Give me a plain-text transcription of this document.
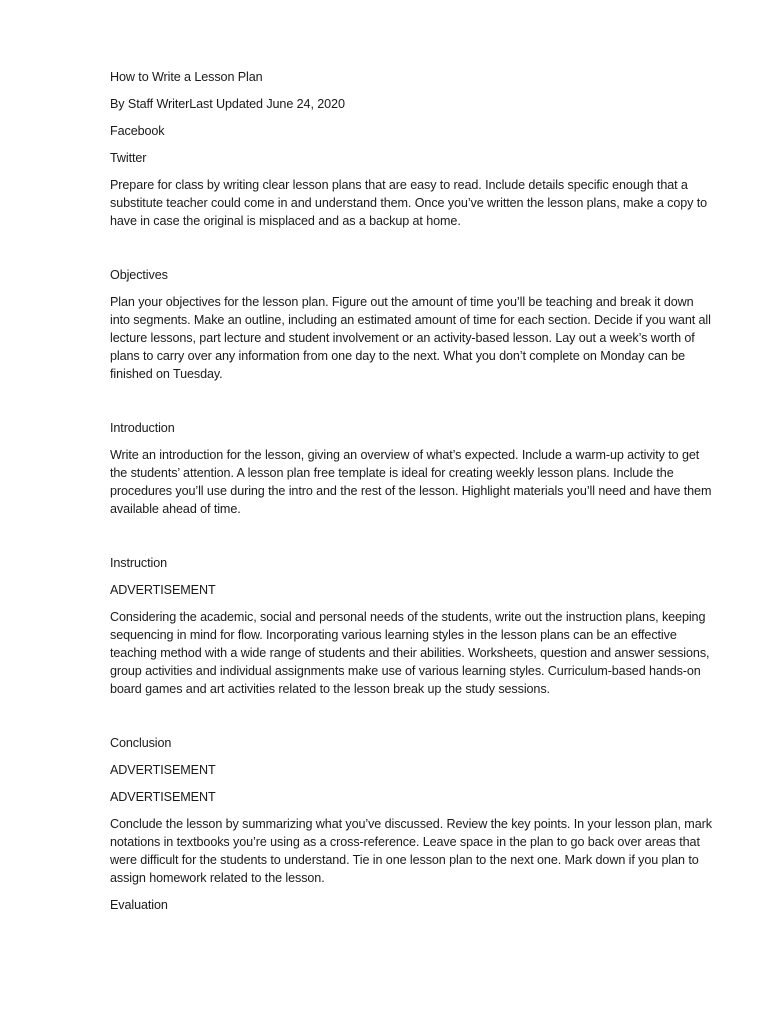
How to Write a Lesson Plan
By Staff WriterLast Updated June 24, 2020
Facebook
Twitter
Prepare for class by writing clear lesson plans that are easy to read. Include details specific enough that a substitute teacher could come in and understand them. Once you’ve written the lesson plans, make a copy to have in case the original is misplaced and as a backup at home.
Objectives
Plan your objectives for the lesson plan. Figure out the amount of time you’ll be teaching and break it down into segments. Make an outline, including an estimated amount of time for each section. Decide if you want all lecture lessons, part lecture and student involvement or an activity-based lesson. Lay out a week’s worth of plans to carry over any information from one day to the next. What you don’t complete on Monday can be finished on Tuesday.
Introduction
Write an introduction for the lesson, giving an overview of what’s expected. Include a warm-up activity to get the students’ attention. A lesson plan free template is ideal for creating weekly lesson plans. Include the procedures you’ll use during the intro and the rest of the lesson. Highlight materials you’ll need and have them available ahead of time.
Instruction
ADVERTISEMENT
Considering the academic, social and personal needs of the students, write out the instruction plans, keeping sequencing in mind for flow. Incorporating various learning styles in the lesson plans can be an effective teaching method with a wide range of students and their abilities. Worksheets, question and answer sessions, group activities and individual assignments make use of various learning styles. Curriculum-based hands-on board games and art activities related to the lesson break up the study sessions.
Conclusion
ADVERTISEMENT
ADVERTISEMENT
Conclude the lesson by summarizing what you’ve discussed. Review the key points. In your lesson plan, mark notations in textbooks you’re using as a cross-reference. Leave space in the plan to go back over areas that were difficult for the students to understand. Tie in one lesson plan to the next one. Mark down if you plan to assign homework related to the lesson.
Evaluation
